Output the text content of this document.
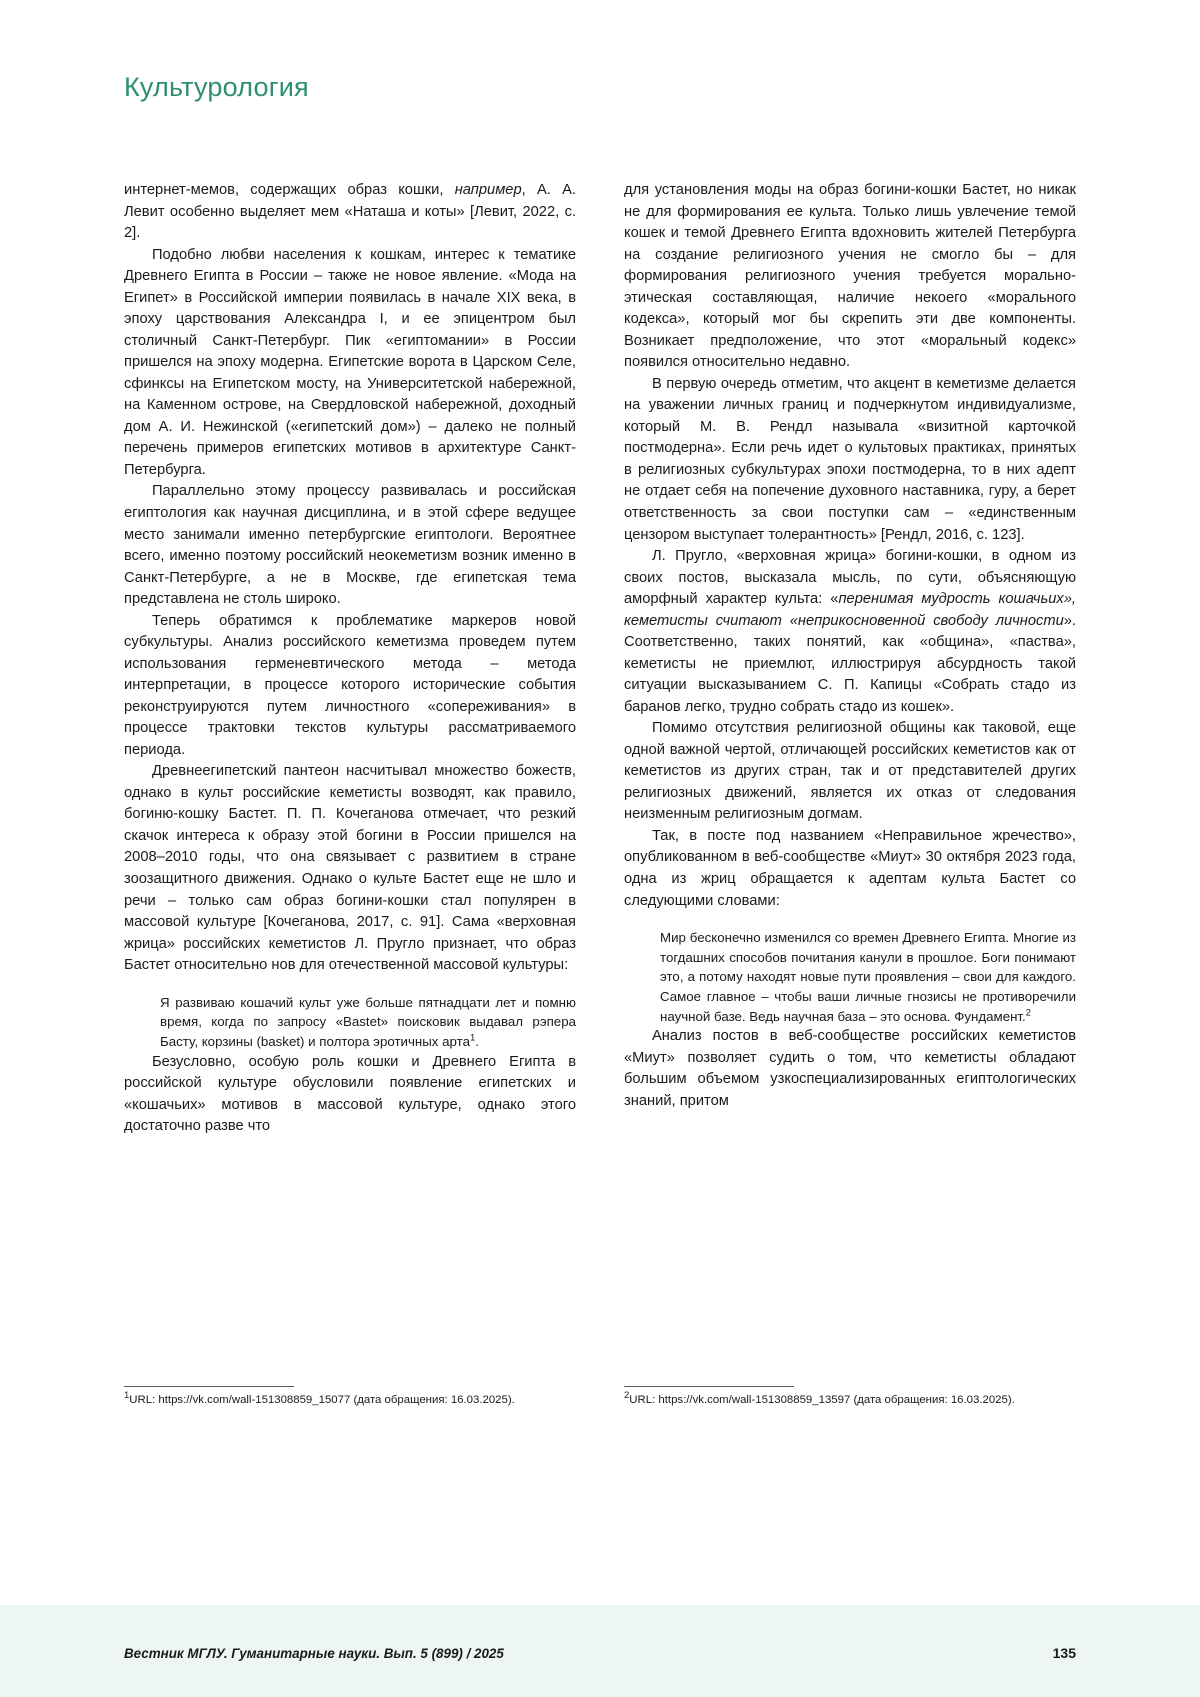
Культурология

интернет-мемов, содержащих образ кошки, например, А. А. Левит особенно выделяет мем «Наташа и коты» [Левит, 2022, с. 2].

Подобно любви населения к кошкам, интерес к тематике Древнего Египта в России – также не новое явление. «Мода на Египет» в Российской империи появилась в начале XIX века, в эпоху царствования Александра I, и ее эпицентром был столичный Санкт-Петербург. Пик «египтомании» в России пришелся на эпоху модерна. Египетские ворота в Царском Селе, сфинксы на Египетском мосту, на Университетской набережной, на Каменном острове, на Свердловской набережной, доходный дом А. И. Нежинской («египетский дом») – далеко не полный перечень примеров египетских мотивов в архитектуре Санкт-Петербурга.

Параллельно этому процессу развивалась и российская египтология как научная дисциплина, и в этой сфере ведущее место занимали именно петербургские египтологи. Вероятнее всего, именно поэтому российский неокеметизм возник именно в Санкт-Петербурге, а не в Москве, где египетская тема представлена не столь широко.

Теперь обратимся к проблематике маркеров новой субкультуры. Анализ российского кеметизма проведем путем использования герменевтического метода – метода интерпретации, в процессе которого исторические события реконструируются путем личностного «сопереживания» в процессе трактовки текстов культуры рассматриваемого периода.

Древнеегипетский пантеон насчитывал множество божеств, однако в культ российские кеметисты возводят, как правило, богиню-кошку Бастет. П. П. Кочеганова отмечает, что резкий скачок интереса к образу этой богини в России пришелся на 2008–2010 годы, что она связывает с развитием в стране зоозащитного движения. Однако о культе Бастет еще не шло и речи – только сам образ богини-кошки стал популярен в массовой культуре [Кочеганова, 2017, с. 91]. Сама «верховная жрица» российских кеметистов Л. Пругло признает, что образ Бастет относительно нов для отечественной массовой культуры:

Я развиваю кошачий культ уже больше пятнадцати лет и помню время, когда по запросу «Bastet» поисковик выдавал рэпера Басту, корзины (basket) и полтора эротичных арта$^1$.

Безусловно, особую роль кошки и Древнего Египта в российской культуре обусловили появление египетских и «кошачьих» мотивов в массовой культуре, однако этого достаточно разве что

для установления моды на образ богини-кошки Бастет, но никак не для формирования ее культа. Только лишь увлечение темой кошек и темой Древнего Египта вдохновить жителей Петербурга на создание религиозного учения не смогло бы – для формирования религиозного учения требуется морально-этическая составляющая, наличие некоего «морального кодекса», который мог бы скрепить эти две компоненты. Возникает предположение, что этот «моральный кодекс» появился относительно недавно.

В первую очередь отметим, что акцент в кеметизме делается на уважении личных границ и подчеркнутом индивидуализме, который М. В. Рендл называла «визитной карточкой постмодерна». Если речь идет о культовых практиках, принятых в религиозных субкультурах эпохи постмодерна, то в них адепт не отдает себя на попечение духовного наставника, гуру, а берет ответственность за свои поступки сам – «единственным цензором выступает толерантность» [Рендл, 2016, с. 123].

Л. Пругло, «верховная жрица» богини-кошки, в одном из своих постов, высказала мысль, по сути, объясняющую аморфный характер культа: «перенимая мудрость кошачьих», кеметисты считают «неприкосновенной свободу личности». Соответственно, таких понятий, как «община», «паства», кеметисты не приемлют, иллюстрируя абсурдность такой ситуации высказыванием С. П. Капицы «Собрать стадо из баранов легко, трудно собрать стадо из кошек».

Помимо отсутствия религиозной общины как таковой, еще одной важной чертой, отличающей российских кеметистов как от кеметистов из других стран, так и от представителей других религиозных движений, является их отказ от следования неизменным религиозным догмам.

Так, в посте под названием «Неправильное жречество», опубликованном в веб-сообществе «Миут» 30 октября 2023 года, одна из жриц обращается к адептам культа Бастет со следующими словами:

Мир бесконечно изменился со времен Древнего Египта. Многие из тогдашних способов почитания канули в прошлое. Боги понимают это, а потому находят новые пути проявления – свои для каждого. Самое главное – чтобы ваши личные гнозисы не противоречили научной базе. Ведь научная база – это основа. Фундамент.$^2$

Анализ постов в веб-сообществе российских кеметистов «Миут» позволяет судить о том, что кеметисты обладают большим объемом узкоспециализированных египтологических знаний, притом

$^1$URL: https://vk.com/wall-151308859_15077 (дата обращения: 16.03.2025).	$^2$URL: https://vk.com/wall-151308859_13597 (дата обращения: 16.03.2025).
Вестник МГЛУ. Гуманитарные науки. Вып. 5 (899) / 2025	135
